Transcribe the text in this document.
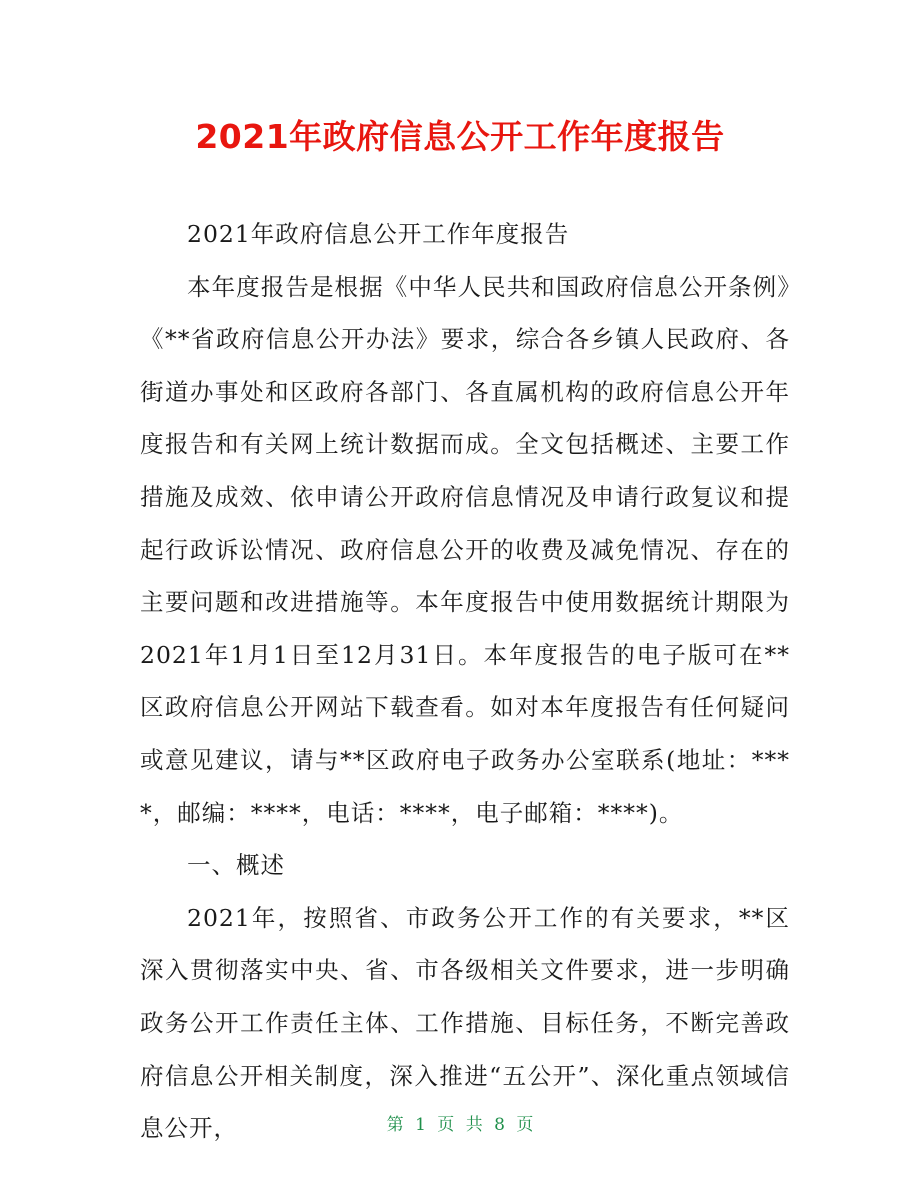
2021年政府信息公开工作年度报告

2021年政府信息公开工作年度报告

本年度报告是根据《中华人民共和国政府信息公开条例》《**省政府信息公开办法》要求，综合各乡镇人民政府、各街道办事处和区政府各部门、各直属机构的政府信息公开年度报告和有关网上统计数据而成。全文包括概述、主要工作措施及成效、依申请公开政府信息情况及申请行政复议和提起行政诉讼情况、政府信息公开的收费及减免情况、存在的主要问题和改进措施等。本年度报告中使用数据统计期限为2021年1月1日至12月31日。本年度报告的电子版可在**区政府信息公开网站下载查看。如对本年度报告有任何疑问或意见建议，请与**区政府电子政务办公室联系(地址：****，邮编：****，电话：****，电子邮箱：****)。

一、概述

2021年，按照省、市政务公开工作的有关要求，**区深入贯彻落实中央、省、市各级相关文件要求，进一步明确政务公开工作责任主体、工作措施、目标任务，不断完善政府信息公开相关制度，深入推进“五公开”、深化重点领域信息公开，	第 1 页 共 8 页
